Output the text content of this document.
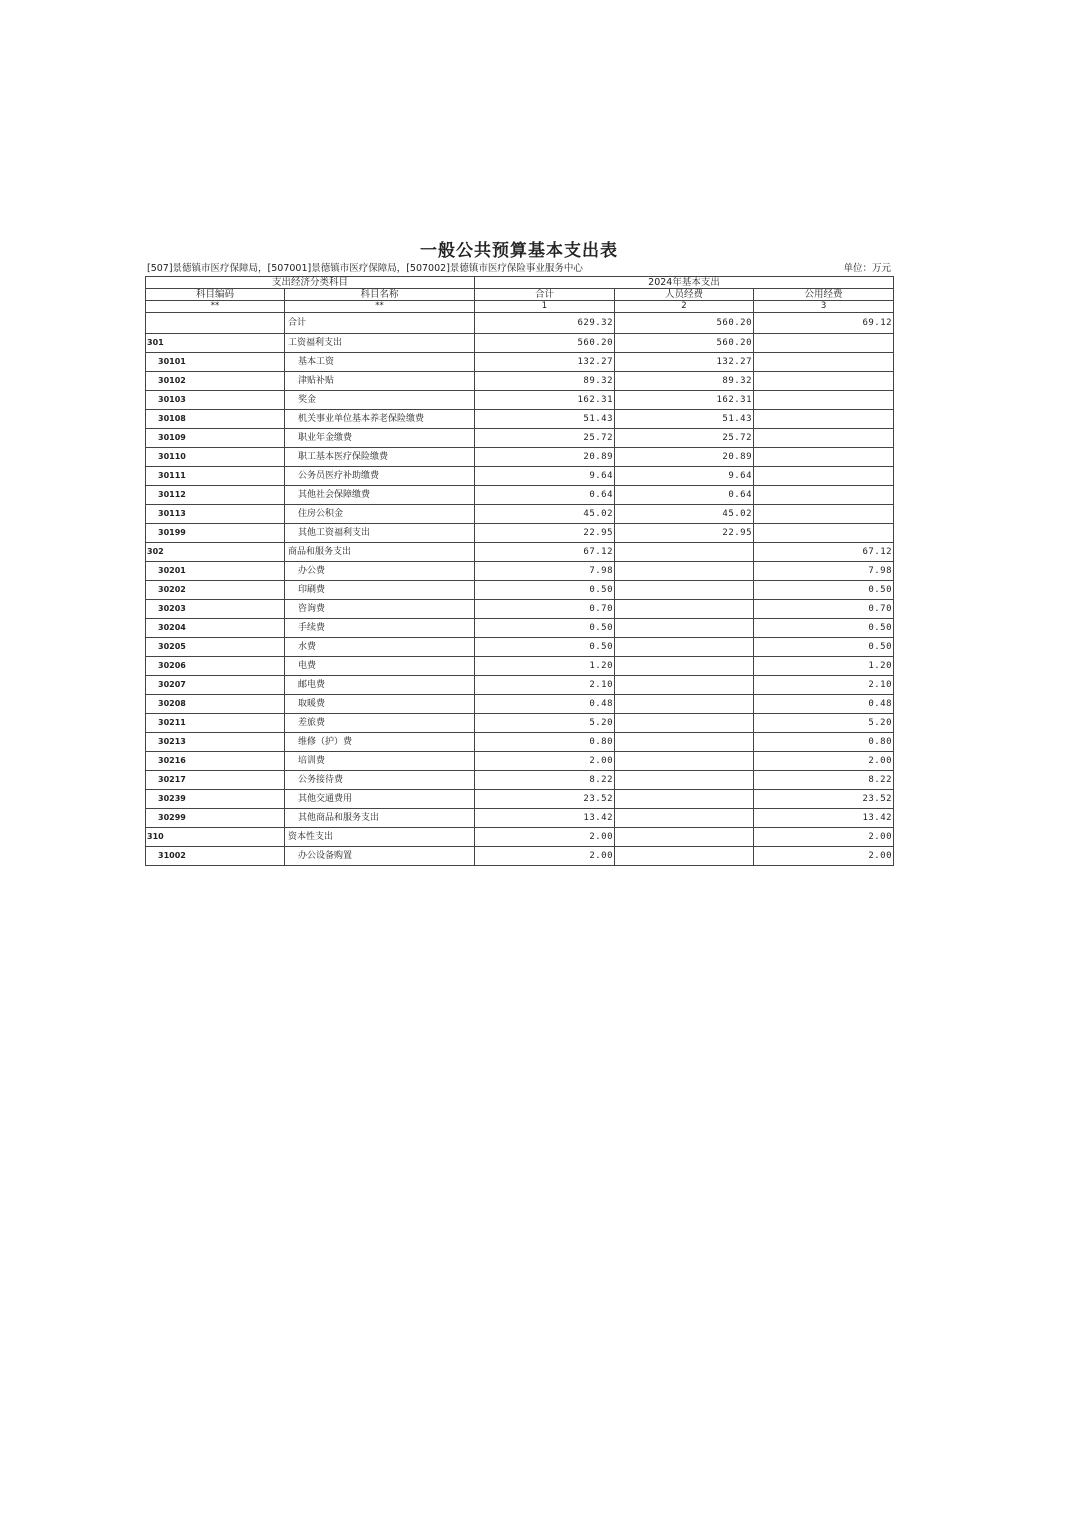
一般公共预算基本支出表
[507]景德镇市医疗保障局，[507001]景德镇市医疗保障局，[507002]景德镇市医疗保险事业服务中心	单位：万元
支出经济分类科目		2024年基本支出		
科目编码	科目名称	合计	人员经费	公用经费
**	**	1	2	3
	合计	629.32	560.20	69.12
301	工资福利支出	560.20	560.20	
30101	基本工资	132.27	132.27	
30102	津贴补贴	89.32	89.32	
30103	奖金	162.31	162.31	
30108	机关事业单位基本养老保险缴费	51.43	51.43	
30109	职业年金缴费	25.72	25.72	
30110	职工基本医疗保险缴费	20.89	20.89	
30111	公务员医疗补助缴费	9.64	9.64	
30112	其他社会保障缴费	0.64	0.64	
30113	住房公积金	45.02	45.02	
30199	其他工资福利支出	22.95	22.95	
302	商品和服务支出	67.12		67.12
30201	办公费	7.98		7.98
30202	印刷费	0.50		0.50
30203	咨询费	0.70		0.70
30204	手续费	0.50		0.50
30205	水费	0.50		0.50
30206	电费	1.20		1.20
30207	邮电费	2.10		2.10
30208	取暖费	0.48		0.48
30211	差旅费	5.20		5.20
30213	维修（护）费	0.80		0.80
30216	培训费	2.00		2.00
30217	公务接待费	8.22		8.22
30239	其他交通费用	23.52		23.52
30299	其他商品和服务支出	13.42		13.42
310	资本性支出	2.00		2.00
31002	办公设备购置	2.00		2.00
